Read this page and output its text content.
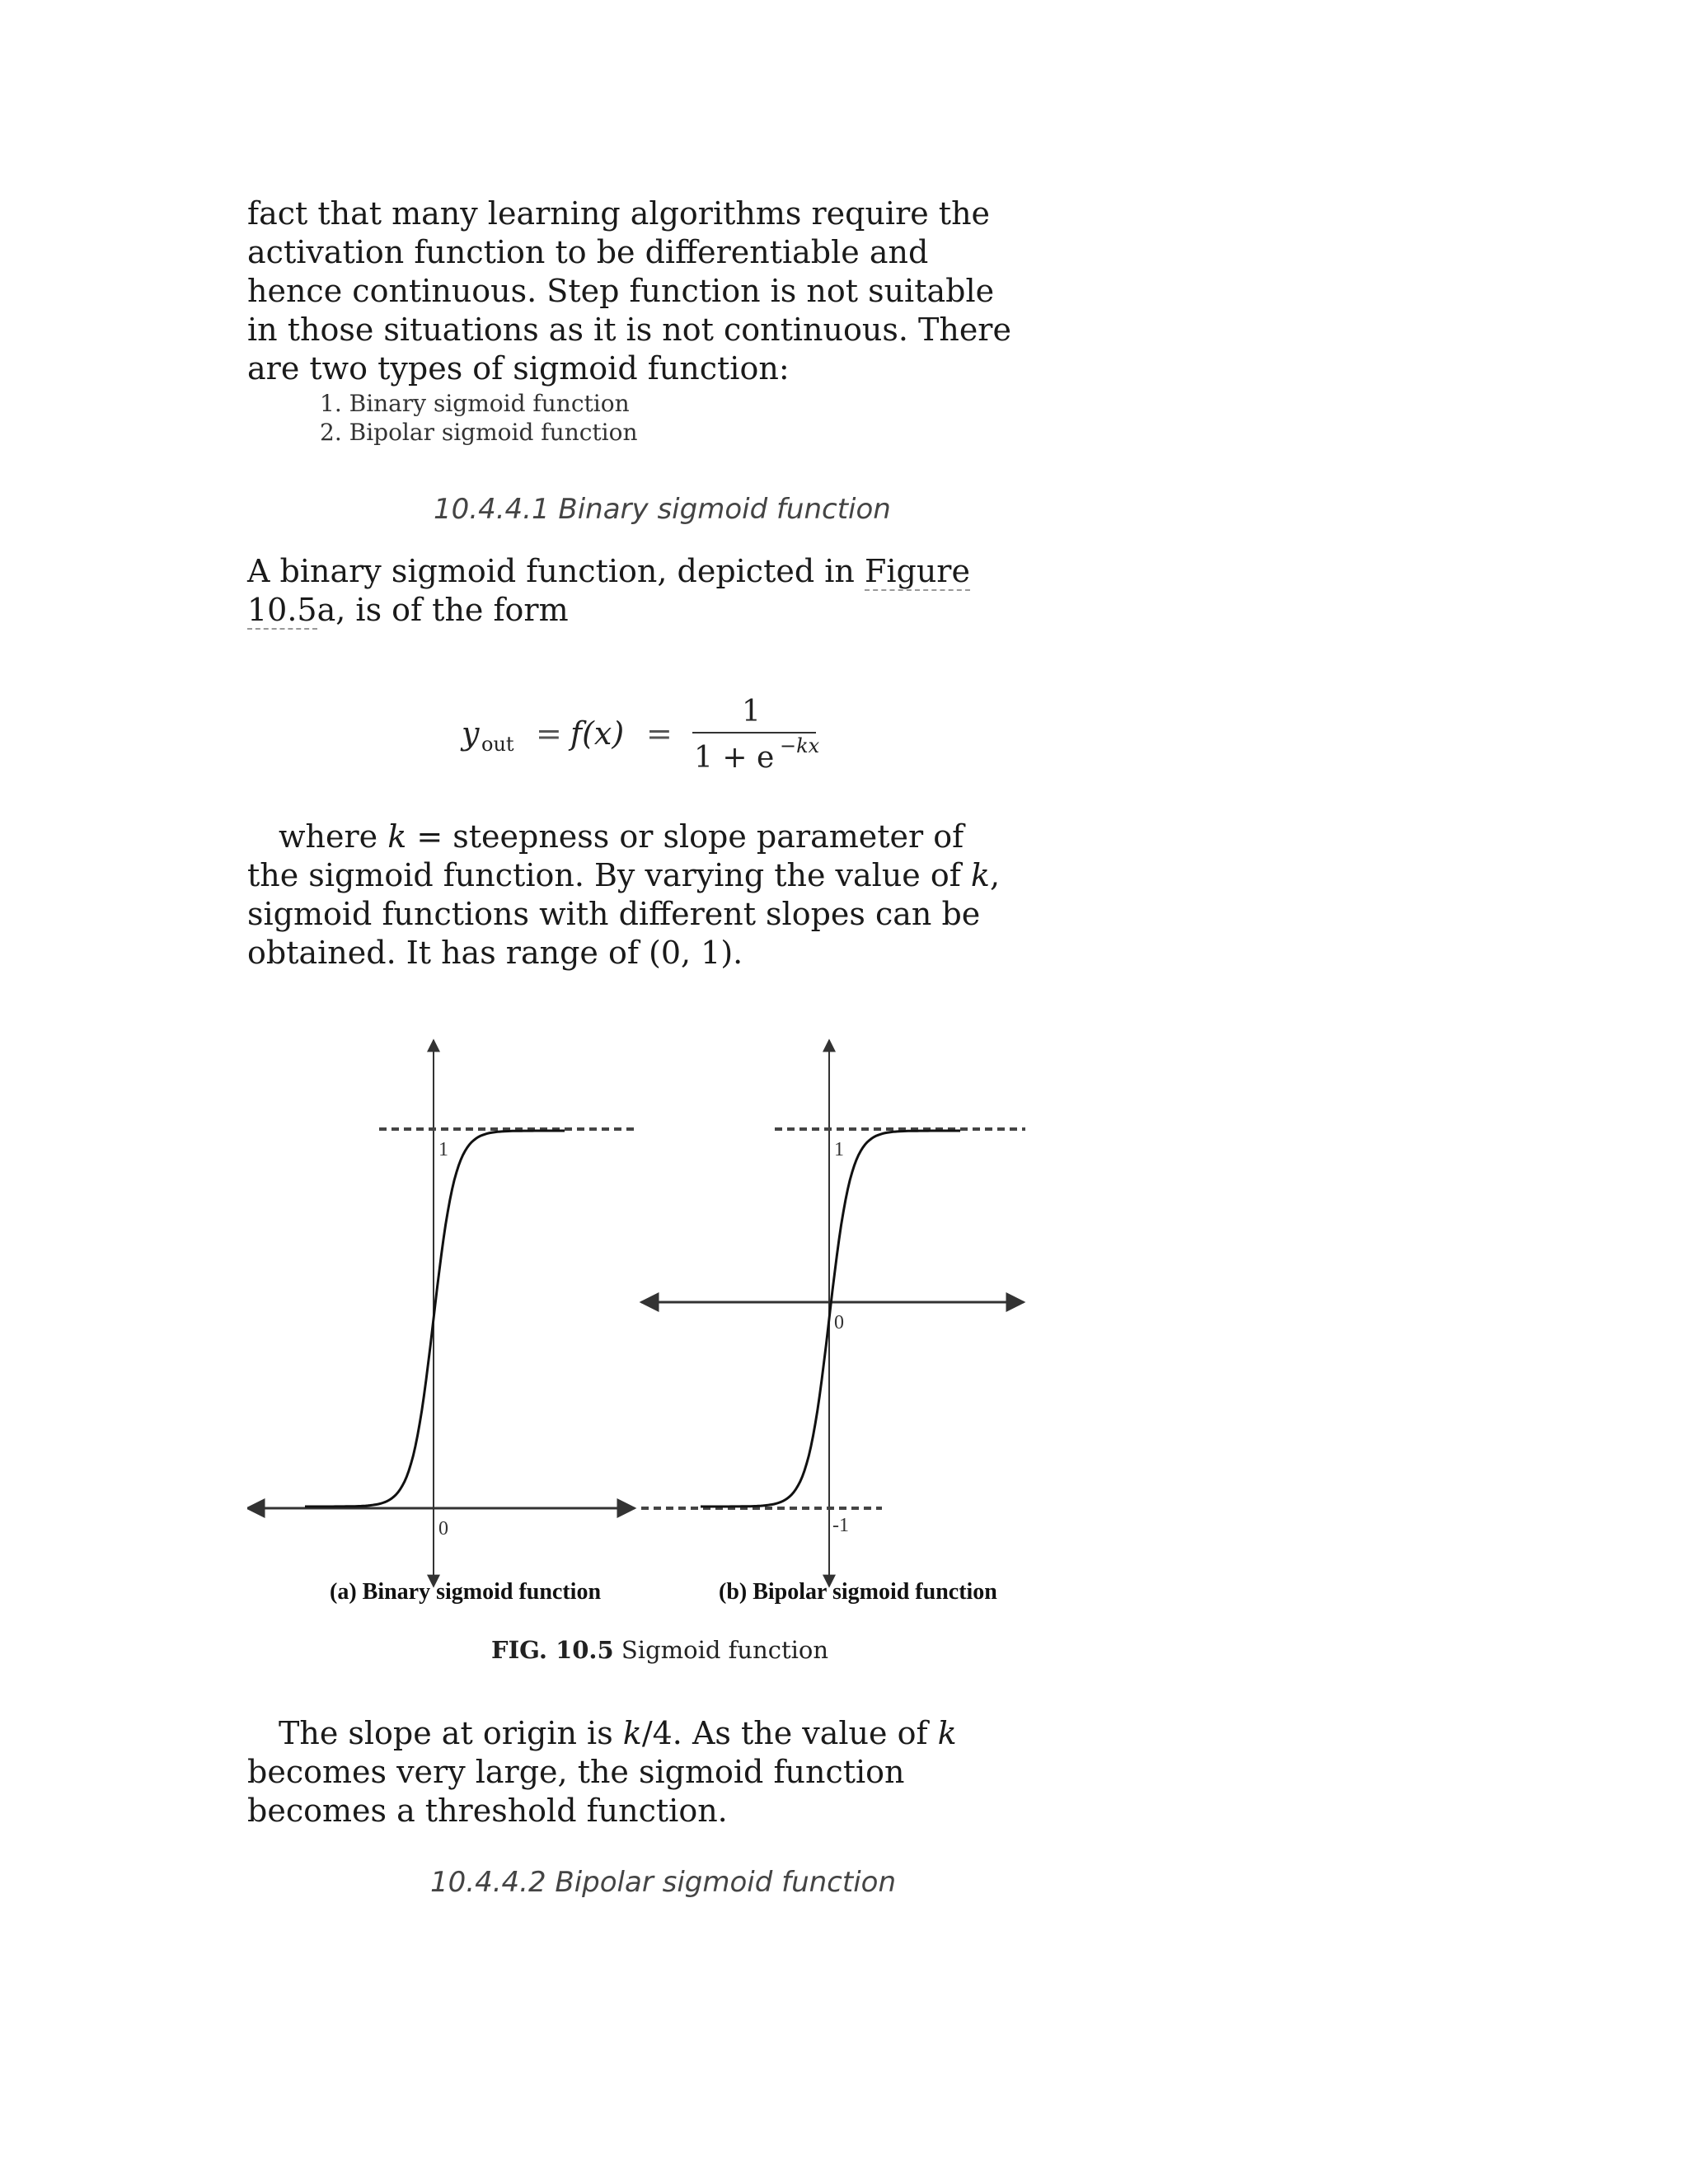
fact that many learning algorithms require the activation function to be differentiable and hence continuous. Step function is not suitable in those situations as it is not continuous. There are two types of sigmoid function:

1. Binary sigmoid function
2. Bipolar sigmoid function
10.4.4.1 Binary sigmoid function

A binary sigmoid function, depicted in Figure 10.5a, is of the form

y out = f(x) =
1
1 + e −kx

where k = steepness or slope parameter of the sigmoid function. By varying the value of k, sigmoid functions with different slopes can be obtained. It has range of (0, 1).

1
0
(a) Binary sigmoid function
1
0
-1
(b) Bipolar sigmoid function
FIG. 10.5 Sigmoid function

The slope at origin is k/4. As the value of k becomes very large, the sigmoid function becomes a threshold function.

10.4.4.2 Bipolar sigmoid function
